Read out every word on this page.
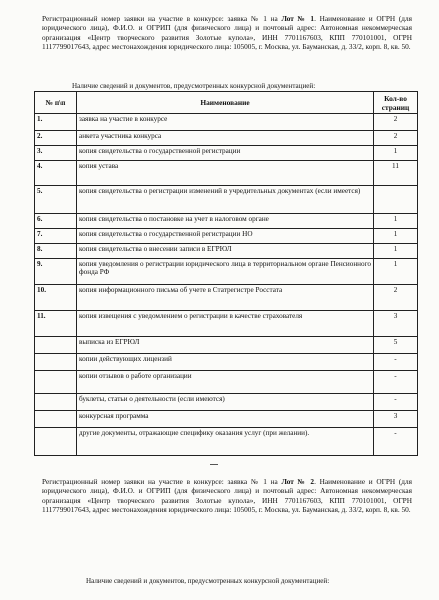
Регистрационный номер заявки на участие в конкурсе: заявка № 1 на Лот № 1. Наименование и ОГРН (для юридического лица), Ф.И.О. и ОГРИП (для физического лица) и почтовый адрес: Автономная некоммерческая организация «Центр творческого развития Золотые купола», ИНН 7701167603, КПП 770101001, ОГРН 1117799017643, адрес местонахождения юридического лица: 105005, г. Москва, ул. Бауманская, д. 33/2, корп. 8, кв. 50.
Наличие сведений и документов, предусмотренных конкурсной документацией:
№ п\п	Наименование	Кол-во страниц
1.	заявка на участие в конкурсе	2
2.	анкета участника конкурса	2
3.	копия свидетельства о государственной регистрации	1
4.	копия устава	11
5.	копия свидетельства о регистрации изменений в учредительных документах (если имеется)	
6.	копия свидетельства о постановке на учет в налоговом органе	1
7.	копия свидетельства о государственной регистрации НО	1
8.	копия свидетельства о внесении записи в ЕГРЮЛ	1
9.	копия уведомления о регистрации юридического лица в территориальном органе Пенсионного фонда РФ	1
10.	копия информационного письма об учете в Статрегистре Росстата	2
11.	копия извещения с уведомлением о регистрации в качестве страхователя	3
	выписка из ЕГРЮЛ	5
	копии действующих лицензий	-
	копии отзывов о работе организации	-
	буклеты, статьи о деятельности (если имеются)	-
	конкурсная программа	3
	другие документы, отражающие специфику оказания услуг (при желании).	-
Регистрационный номер заявки на участие в конкурсе: заявка № 1 на Лот № 2. Наименование и ОГРН (для юридического лица), Ф.И.О. и ОГРИП (для физического лица) и почтовый адрес: Автономная некоммерческая организация «Центр творческого развития Золотые купола», ИНН 7701167603, КПП 770101001, ОГРН 1117799017643, адрес местонахождения юридического лица: 105005, г. Москва, ул. Бауманская, д. 33/2, корп. 8, кв. 50.
Наличие сведений и документов, предусмотренных конкурсной документацией:
